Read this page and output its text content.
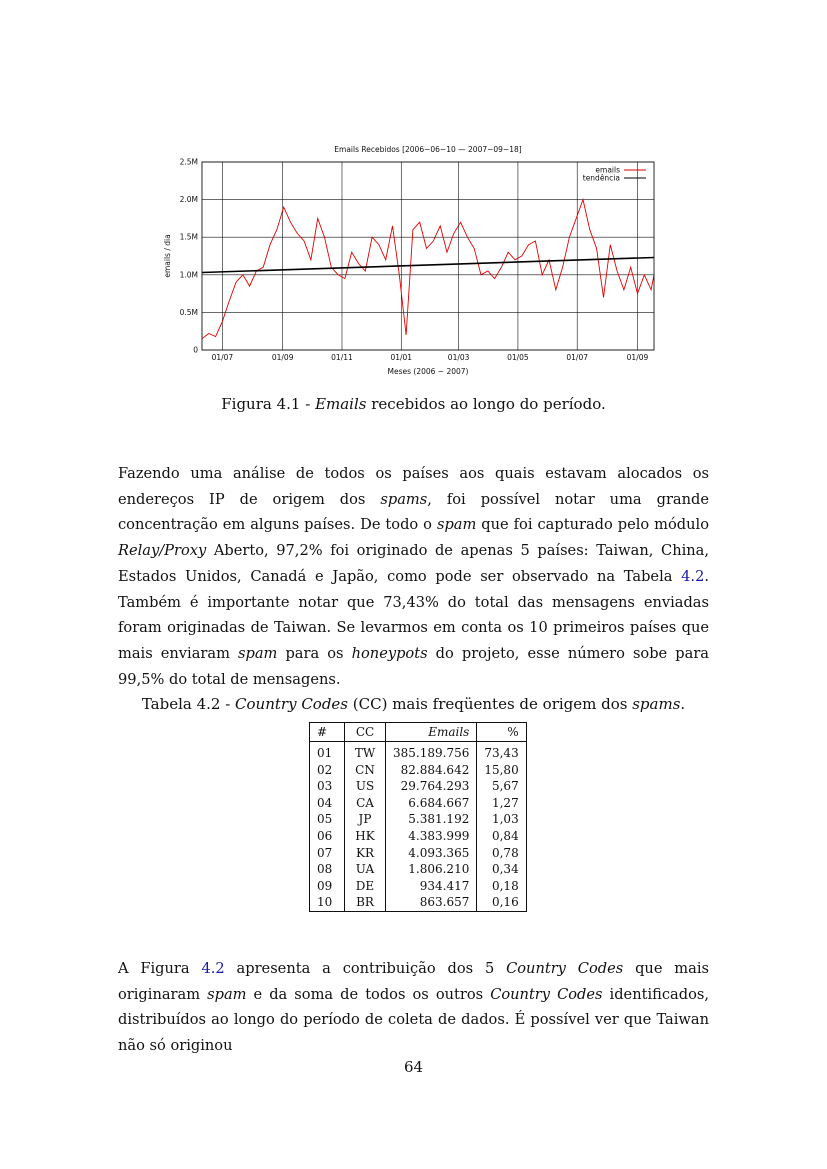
Emails Recebidos [2006−06−10 — 2007−09−18]
emails / dia
Meses (2006 − 2007)
0
0.5M
1.0M
1.5M
2.0M
2.5M
01/07	01/09	01/11	01/01	01/03	01/05	01/07	01/09
emails
tendência
Figura 4.1 - Emails recebidos ao longo do período.

Fazendo uma análise de todos os países aos quais estavam alocados os endereços IP de origem dos spams, foi possível notar uma grande concentração em alguns países. De todo o spam que foi capturado pelo módulo Relay/Proxy Aberto, 97,2% foi originado de apenas 5 países: Taiwan, China, Estados Unidos, Canadá e Japão, como pode ser observado na Tabela 4.2. Também é importante notar que 73,43% do total das mensagens enviadas foram originadas de Taiwan. Se levarmos em conta os 10 primeiros países que mais enviaram spam para os honeypots do projeto, esse número sobe para 99,5% do total de mensagens.

Tabela 4.2 - Country Codes (CC) mais freqüentes de origem dos spams.
#	CC	Emails	%
01	TW	385.189.756	73,43
02	CN	82.884.642	15,80
03	US	29.764.293	5,67
04	CA	6.684.667	1,27
05	JP	5.381.192	1,03
06	HK	4.383.999	0,84
07	KR	4.093.365	0,78
08	UA	1.806.210	0,34
09	DE	934.417	0,18
10	BR	863.657	0,16

A Figura 4.2 apresenta a contribuição dos 5 Country Codes que mais originaram spam e da soma de todos os outros Country Codes identificados, distribuídos ao longo do período de coleta de dados. É possível ver que Taiwan não só originou

64
